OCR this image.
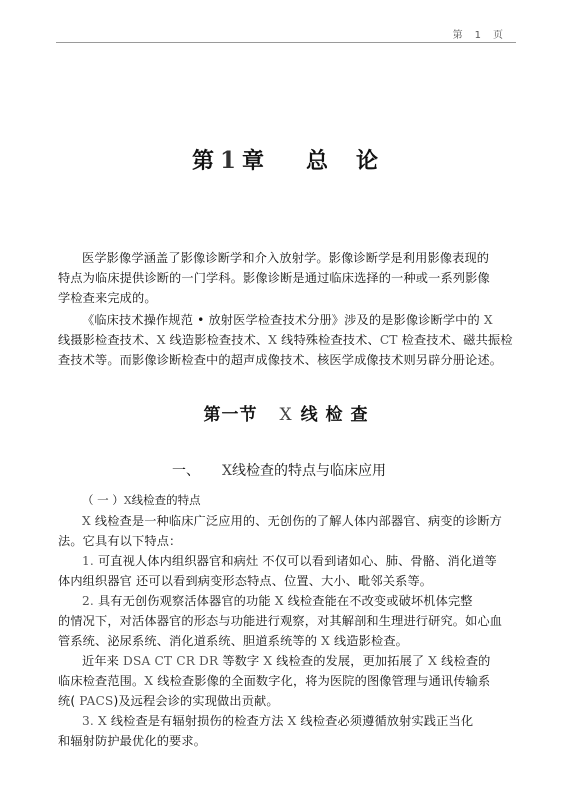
第　1　页
第 1 章 总 论
医学影像学涵盖了影像诊断学和介入放射学。影像诊断学是利用影像表现的
特点为临床提供诊断的一门学科。影像诊断是通过临床选择的一种或一系列影像
学检查来完成的。
《临床技术操作规范 • 放射医学检查技术分册》涉及的是影像诊断学中的 X
线摄影检查技术、X 线造影检查技术、X 线特殊检查技术、CT 检查技术、磁共振检
查技术等。而影像诊断检查中的超声成像技术、核医学成像技术则另辟分册论述。
第一节 X 线 检 查
一、 X线检查的特点与临床应用
（ 一 ）X线检查的特点
X 线检查是一种临床广泛应用的、无创伤的了解人体内部器官、病变的诊断方
法。它具有以下特点：
1. 可直视人体内组织器官和病灶 不仅可以看到诸如心、肺、骨骼、消化道等
体内组织器官 还可以看到病变形态特点、位置、大小、毗邻关系等。
2. 具有无创伤观察活体器官的功能 X 线检查能在不改变或破坏机体完整
的情况下，对活体器官的形态与功能进行观察，对其解剖和生理进行研究。如心血
管系统、泌尿系统、消化道系统、胆道系统等的 X 线造影检查。
近年来 DSA CT CR DR 等数字 X 线检查的发展，更加拓展了 X 线检查的
临床检查范围。X 线检查影像的全面数字化，将为医院的图像管理与通讯传输系
统( PACS)及远程会诊的实现做出贡献。
3. X 线检查是有辐射损伤的检查方法 X 线检查必须遵循放射实践正当化
和辐射防护最优化的要求。
